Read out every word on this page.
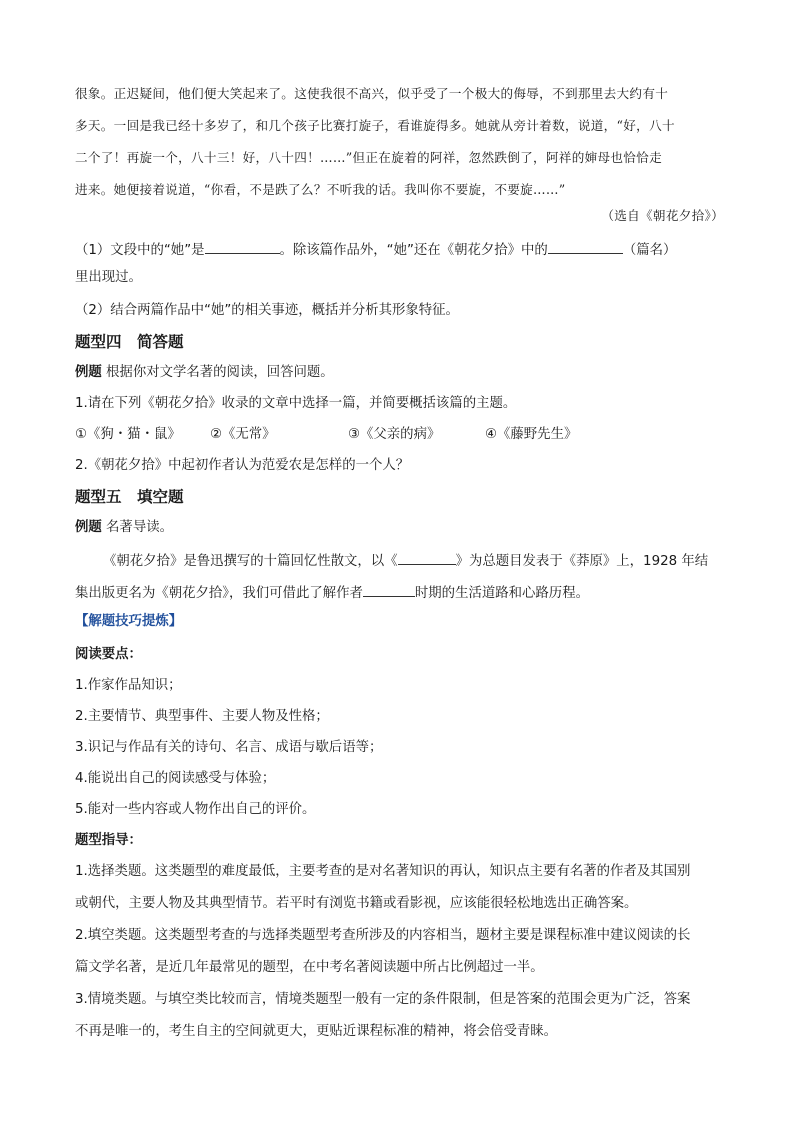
很象。正迟疑间，他们便大笑起来了。这使我很不高兴，似乎受了一个极大的侮辱，不到那里去大约有十
多天。一回是我已经十多岁了，和几个孩子比赛打旋子，看谁旋得多。她就从旁计着数，说道，“好，八十
二个了！再旋一个，八十三！好，八十四！……”但正在旋着的阿祥，忽然跌倒了，阿祥的婶母也恰恰走
进来。她便接着说道，“你看，不是跌了么？不听我的话。我叫你不要旋，不要旋……”
（选自《朝花夕拾》）
（1）文段中的“她”是	。除该篇作品外，“她”还在《朝花夕拾》中的	（篇名）
里出现过。
（2）结合两篇作品中“她”的相关事迹，概括并分析其形象特征。
题型四　简答题
例题 根据你对文学名著的阅读，回答问题。
1.请在下列《朝花夕拾》收录的文章中选择一篇，并简要概括该篇的主题。
①《狗・猫・鼠》 ②《无常》	③《父亲的病》	④《藤野先生》
2.《朝花夕拾》中起初作者认为范爱农是怎样的一个人？
题型五　填空题
例题 名著导读。
《朝花夕拾》是鲁迅撰写的十篇回忆性散文，以《	》为总题目发表于《莽原》上，1928 年结
集出版更名为《朝花夕拾》，我们可借此了解作者	时期的生活道路和心路历程。
【解题技巧提炼】
阅读要点：
1.作家作品知识；
2.主要情节、典型事件、主要人物及性格；
3.识记与作品有关的诗句、名言、成语与歇后语等；
4.能说出自己的阅读感受与体验；
5.能对一些内容或人物作出自己的评价。
题型指导：
1.选择类题。这类题型的难度最低，主要考查的是对名著知识的再认，知识点主要有名著的作者及其国别
或朝代，主要人物及其典型情节。若平时有浏览书籍或看影视，应该能很轻松地选出正确答案。
2.填空类题。这类题型考查的与选择类题型考查所涉及的内容相当，题材主要是课程标准中建议阅读的长
篇文学名著，是近几年最常见的题型，在中考名著阅读题中所占比例超过一半。
3.情境类题。与填空类比较而言，情境类题型一般有一定的条件限制，但是答案的范围会更为广泛，答案
不再是唯一的，考生自主的空间就更大，更贴近课程标准的精神，将会倍受青睐。
